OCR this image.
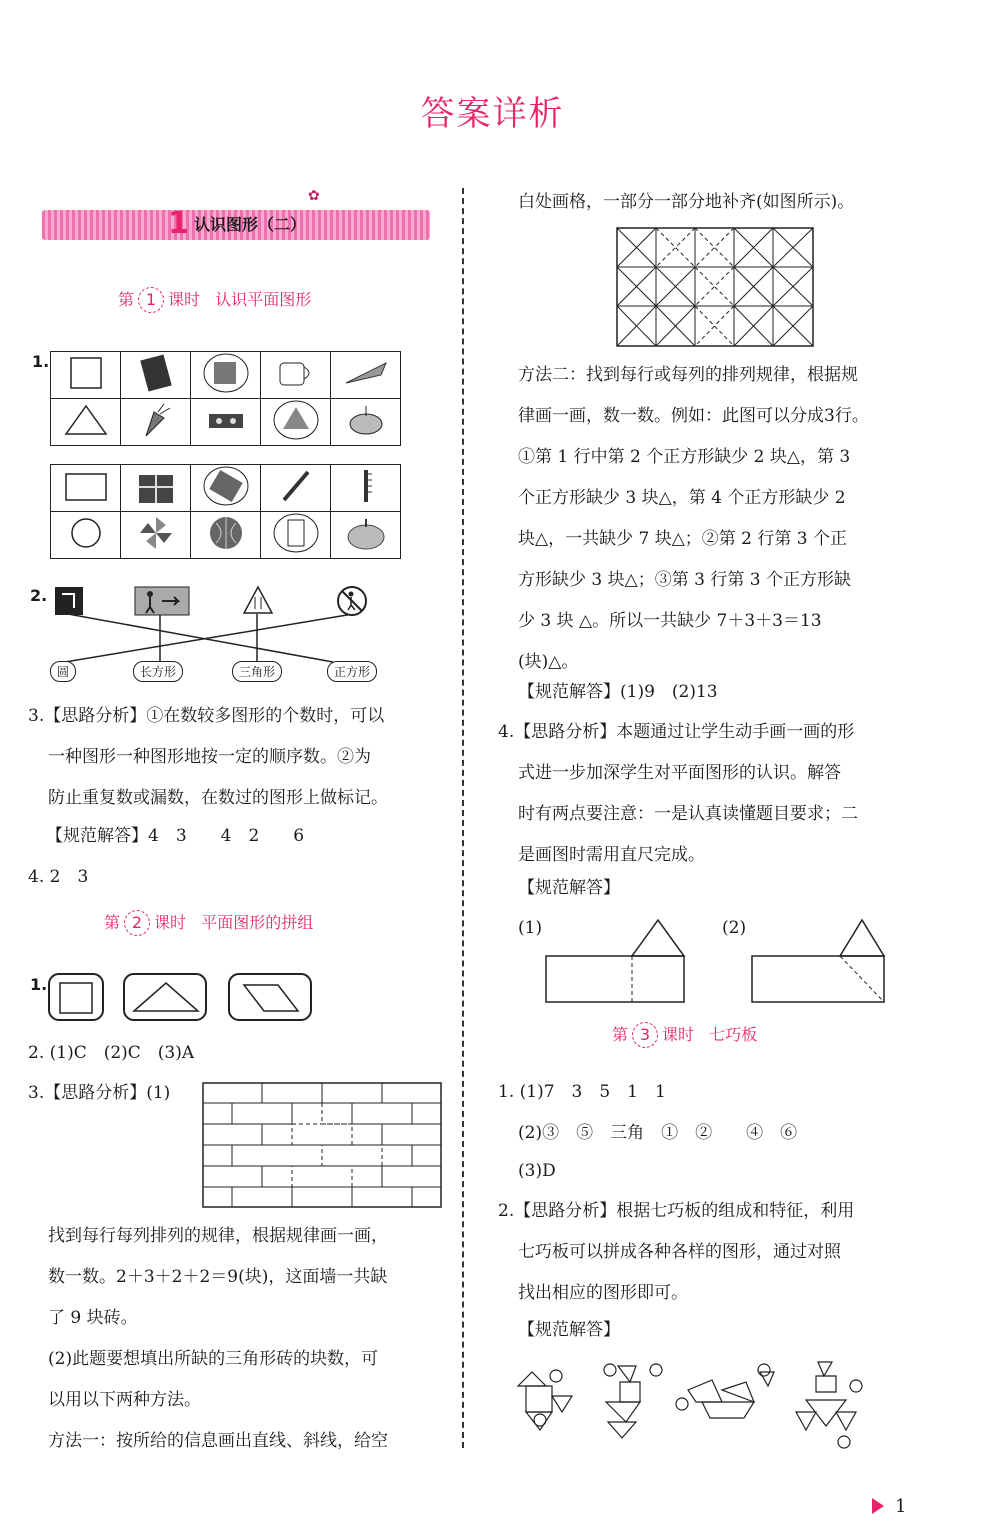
答案详析
✿
1 认识图形（二）
第 1 课时 认识平面图形
1.

2.
圆	长方形	三角形	正方形
3.【思路分析】①在数较多图形的个数时，可以
一种图形一种图形地按一定的顺序数。②为
防止重复数或漏数，在数过的图形上做标记。
【规范解答】4　3　　4　2　　6
4. 2　3
第 2 课时 平面图形的拼组
1.
2. (1)C　(2)C　(3)A
3.【思路分析】(1)
找到每行每列排列的规律，根据规律画一画，
数一数。2＋3＋2＋2＝9(块)，这面墙一共缺
了 9 块砖。
(2)此题要想填出所缺的三角形砖的块数，可
以用以下两种方法。
方法一：按所给的信息画出直线、斜线，给空
白处画格，一部分一部分地补齐(如图所示)。
方法二：找到每行或每列的排列规律，根据规
律画一画，数一数。例如：此图可以分成3行。
①第 1 行中第 2 个正方形缺少 2 块△，第 3
个正方形缺少 3 块△，第 4 个正方形缺少 2
块△，一共缺少 7 块△；②第 2 行第 3 个正
方形缺少 3 块△；③第 3 行第 3 个正方形缺
少 3 块 △。所以一共缺少 7＋3＋3＝13
(块)△。
【规范解答】(1)9　(2)13
4.【思路分析】本题通过让学生动手画一画的形
式进一步加深学生对平面图形的认识。解答
时有两点要注意：一是认真读懂题目要求；二
是画图时需用直尺完成。
【规范解答】
(1)	(2)
第 3 课时 七巧板
1. (1)7　3　5　1　1
(2)③　⑤　三角　①　②　　④　⑥
(3)D
2.【思路分析】根据七巧板的组成和特征，利用
七巧板可以拼成各种各样的图形，通过对照
找出相应的图形即可。
【规范解答】
1
